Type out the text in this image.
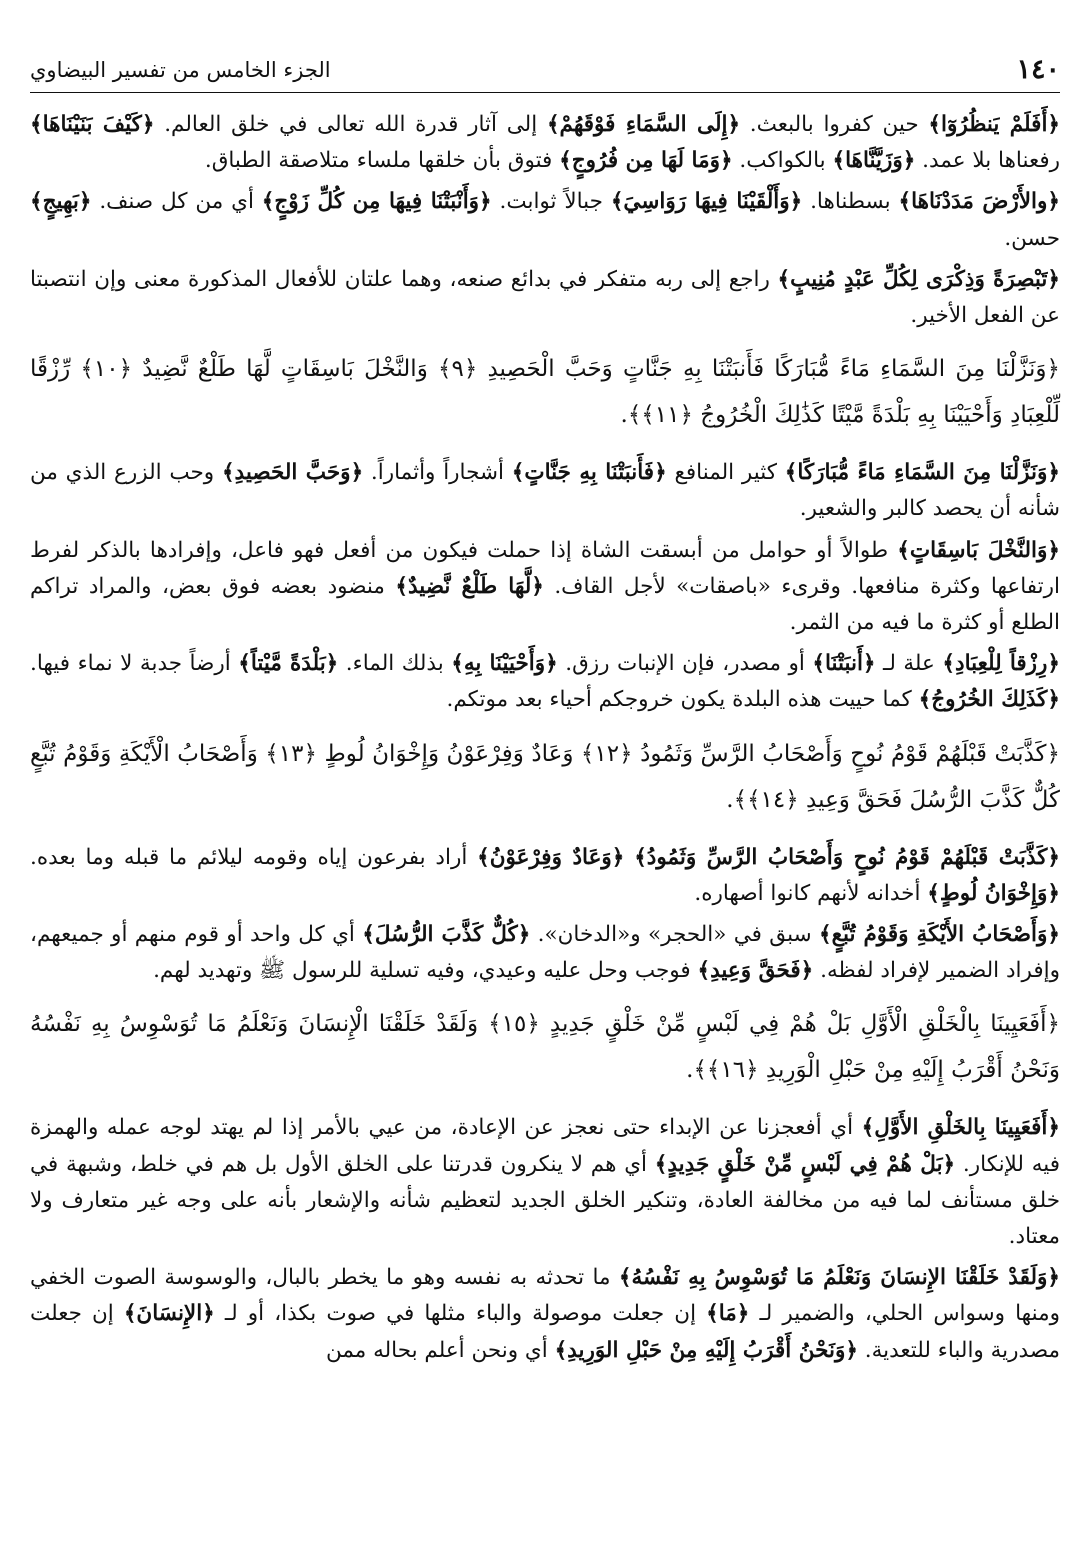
١٤٠
الجزء الخامس من تفسير البيضاوي

﴿أَفَلَمْ يَنظُرُوٓا﴾ حين كفروا بالبعث. ﴿إِلَى السَّمَاءِ فَوْقَهُمْ﴾ إلى آثار قدرة الله تعالى في خلق العالم. ﴿كَيْفَ بَنَيْنَاهَا﴾ رفعناها بلا عمد. ﴿وَزَيَّنَّاهَا﴾ بالكواكب. ﴿وَمَا لَهَا مِن فُرُوجٍ﴾ فتوق بأن خلقها ملساء متلاصقة الطباق.

﴿والأَرْضَ مَدَدْنَاهَا﴾ بسطناها. ﴿وَأَلْقَيْنَا فِيهَا رَوَاسِيَ﴾ جبالاً ثوابت. ﴿وَأَنْبَتْنَا فِيهَا مِن كُلِّ زَوْجٍ﴾ أي من كل صنف. ﴿بَهِيجٍ﴾ حسن.

﴿تَبْصِرَةً وَذِكْرَى لِكُلِّ عَبْدٍ مُنِيبٍ﴾ راجع إلى ربه متفكر في بدائع صنعه، وهما علتان للأفعال المذكورة معنى وإن انتصبتا عن الفعل الأخير.

﴿وَنَزَّلْنَا مِنَ السَّمَاءِ مَاءً مُّبَارَكًا فَأَنبَتْنَا بِهِ جَنَّاتٍ وَحَبَّ الْحَصِيدِ ﴿٩﴾ وَالنَّخْلَ بَاسِقَاتٍ لَّهَا طَلْعٌ نَّضِيدٌ ﴿١٠﴾ رِّزْقًا لِّلْعِبَادِ وَأَحْيَيْنَا بِهِ بَلْدَةً مَّيْتًا كَذَٰلِكَ الْخُرُوجُ ﴿١١﴾﴾.

﴿وَنَزَّلْنَا مِنَ السَّمَاءِ مَاءً مُّبَارَكًا﴾ كثير المنافع ﴿فَأَنبَتْنَا بِهِ جَنَّاتٍ﴾ أشجاراً وأثماراً. ﴿وَحَبَّ الحَصِيدِ﴾ وحب الزرع الذي من شأنه أن يحصد كالبر والشعير.

﴿وَالنَّخْلَ بَاسِقَاتٍ﴾ طوالاً أو حوامل من أبسقت الشاة إذا حملت فيكون من أفعل فهو فاعل، وإفرادها بالذكر لفرط ارتفاعها وكثرة منافعها. وقرىء «باصقات» لأجل القاف. ﴿لَّهَا طَلْعٌ نَّضِيدٌ﴾ منضود بعضه فوق بعض، والمراد تراكم الطلع أو كثرة ما فيه من الثمر.

﴿رِزْقاً لِلْعِبَادِ﴾ علة لـ ﴿أَنبَتْنَا﴾ أو مصدر، فإن الإنبات رزق. ﴿وَأَحْيَيْنَا بِهِ﴾ بذلك الماء. ﴿بَلْدَةً مَّيْتاً﴾ أرضاً جدبة لا نماء فيها. ﴿كَذَلِكَ الخُرُوجُ﴾ كما حييت هذه البلدة يكون خروجكم أحياء بعد موتكم.

﴿كَذَّبَتْ قَبْلَهُمْ قَوْمُ نُوحٍ وَأَصْحَابُ الرَّسِّ وَثَمُودُ ﴿١٢﴾ وَعَادٌ وَفِرْعَوْنُ وَإِخْوَانُ لُوطٍ ﴿١٣﴾ وَأَصْحَابُ الْأَيْكَةِ وَقَوْمُ تُبَّعٍ كُلٌّ كَذَّبَ الرُّسُلَ فَحَقَّ وَعِيدِ ﴿١٤﴾﴾.

﴿كَذَّبَتْ قَبْلَهُمْ قَوْمُ نُوحٍ وَأَصْحَابُ الرَّسِّ وَثَمُودُ﴾ ﴿وَعَادٌ وَفِرْعَوْنُ﴾ أراد بفرعون إياه وقومه ليلائم ما قبله وما بعده. ﴿وَإِخْوَانُ لُوطٍ﴾ أخدانه لأنهم كانوا أصهاره.

﴿وَأَصْحَابُ الأَيْكَةِ وَقَوْمُ تُبَّعٍ﴾ سبق في «الحجر» و«الدخان». ﴿كُلٌّ كَذَّبَ الرُّسُلَ﴾ أي كل واحد أو قوم منهم أو جميعهم، وإفراد الضمير لإفراد لفظه. ﴿فَحَقَّ وَعِيدِ﴾ فوجب وحل عليه وعيدي، وفيه تسلية للرسول ﷺ وتهديد لهم.

﴿أَفَعَيِينَا بِالْخَلْقِ الْأَوَّلِ بَلْ هُمْ فِي لَبْسٍ مِّنْ خَلْقٍ جَدِيدٍ ﴿١٥﴾ وَلَقَدْ خَلَقْنَا الْإِنسَانَ وَنَعْلَمُ مَا تُوَسْوِسُ بِهِ نَفْسُهُ وَنَحْنُ أَقْرَبُ إِلَيْهِ مِنْ حَبْلِ الْوَرِيدِ ﴿١٦﴾﴾.

﴿أَفَعَيِينَا بِالخَلْقِ الأَوَّلِ﴾ أي أفعجزنا عن الإبداء حتى نعجز عن الإعادة، من عيي بالأمر إذا لم يهتد لوجه عمله والهمزة فيه للإنكار. ﴿بَلْ هُمْ فِي لَبْسٍ مِّنْ خَلْقٍ جَدِيدٍ﴾ أي هم لا ينكرون قدرتنا على الخلق الأول بل هم في خلط، وشبهة في خلق مستأنف لما فيه من مخالفة العادة، وتنكير الخلق الجديد لتعظيم شأنه والإشعار بأنه على وجه غير متعارف ولا معتاد.

﴿وَلَقَدْ خَلَقْنَا الإِنسَانَ وَنَعْلَمُ مَا تُوَسْوِسُ بِهِ نَفْسُهُ﴾ ما تحدثه به نفسه وهو ما يخطر بالبال، والوسوسة الصوت الخفي ومنها وسواس الحلي، والضمير لـ ﴿مَا﴾ إن جعلت موصولة والباء مثلها في صوت بكذا، أو لـ ﴿الإِنسَانَ﴾ إن جعلت مصدرية والباء للتعدية. ﴿وَنَحْنُ أَقْرَبُ إِلَيْهِ مِنْ حَبْلِ الوَرِيدِ﴾ أي ونحن أعلم بحاله ممن
